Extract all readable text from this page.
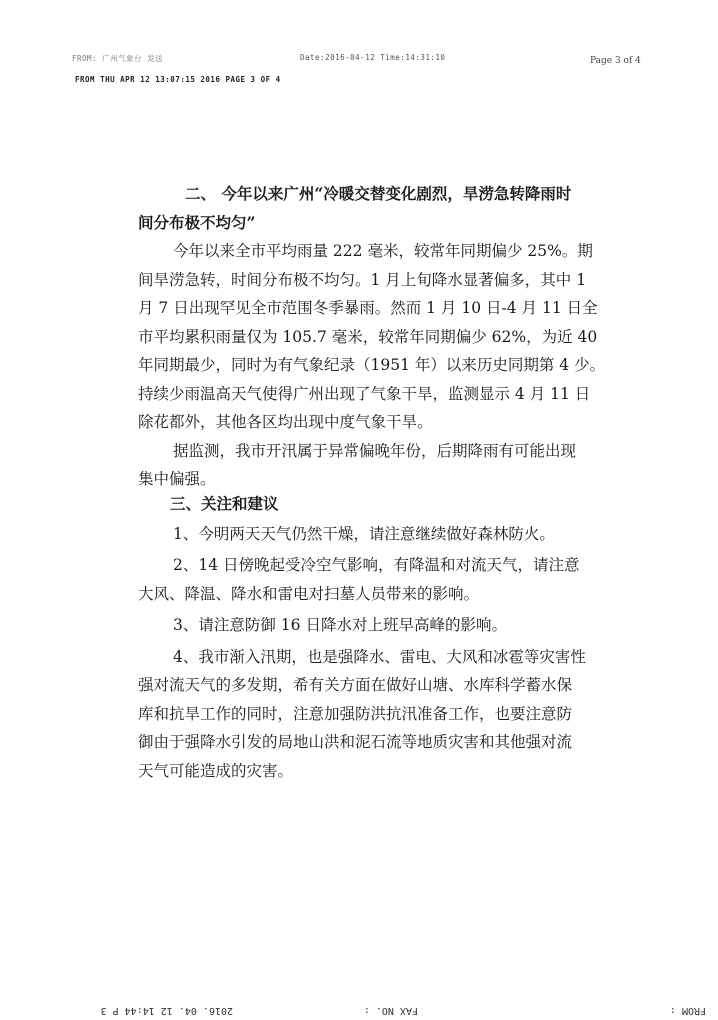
FROM: 广州气象台 发送	Date:2016-04-12 Time:14:31:10	Page 3 of 4
FROM THU APR 12 13:07:15 2016 PAGE 3 OF 4
二、 今年以来广州“冷暖交替变化剧烈，旱涝急转降雨时
间分布极不均匀”
今年以来全市平均雨量 222 毫米，较常年同期偏少 25%。期
间旱涝急转，时间分布极不均匀。1 月上旬降水显著偏多，其中 1
月 7 日出现罕见全市范围冬季暴雨。然而 1 月 10 日-4 月 11 日全
市平均累积雨量仅为 105.7 毫米，较常年同期偏少 62%，为近 40
年同期最少，同时为有气象纪录（1951 年）以来历史同期第 4 少。
持续少雨温高天气使得广州出现了气象干旱，监测显示 4 月 11 日
除花都外，其他各区均出现中度气象干旱。
据监测，我市开汛属于异常偏晚年份，后期降雨有可能出现
集中偏强。
三、关注和建议
1、今明两天天气仍然干燥，请注意继续做好森林防火。
2、14 日傍晚起受冷空气影响，有降温和对流天气，请注意
大风、降温、降水和雷电对扫墓人员带来的影响。
3、请注意防御 16 日降水对上班早高峰的影响。
4、我市渐入汛期，也是强降水、雷电、大风和冰雹等灾害性
强对流天气的多发期，希有关方面在做好山塘、水库科学蓄水保
库和抗旱工作的同时，注意加强防洪抗汛准备工作，也要注意防
御由于强降水引发的局地山洪和泥石流等地质灾害和其他强对流
天气可能造成的灾害。
FROM :
FAX NO. :
2016. 04. 12 14:44 P 3
